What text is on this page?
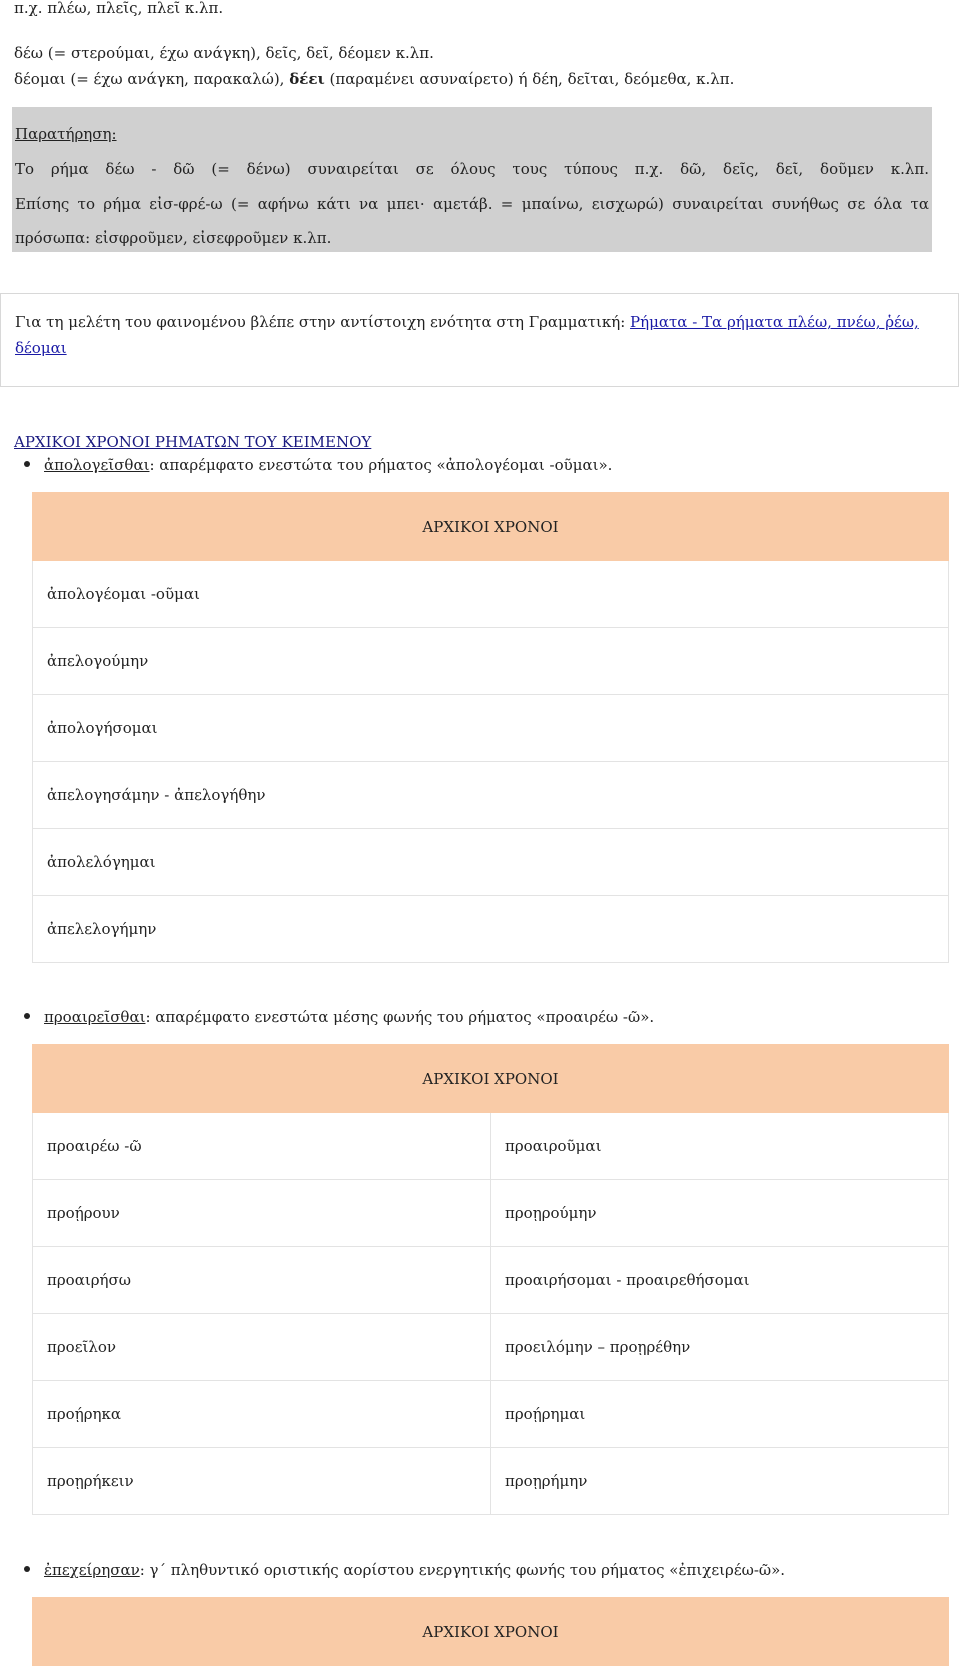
π.χ. πλέω, πλεῖς, πλεῖ κ.λπ.

δέω (= στερούμαι, έχω ανάγκη), δεῖς, δεῖ, δέομεν κ.λπ.

δέομαι (= έχω ανάγκη, παρακαλώ), δέει (παραμένει ασυναίρετο) ή δέη, δεῖται, δεόμεθα, κ.λπ.

Παρατήρηση:
Το ρήμα δέω - δῶ (= δένω) συναιρείται σε όλους τους τύπους π.χ. δῶ, δεῖς, δεῖ, δοῦμεν κ.λπ.
Επίσης το ρήμα εἰσ-φρέ-ω (= αφήνω κάτι να μπει· αμετάβ. = μπαίνω, εισχωρώ) συναιρείται συνήθως σε όλα τα
πρόσωπα: εἰσφροῦμεν, εἰσεφροῦμεν κ.λπ.
Για τη μελέτη του φαινομένου βλέπε στην αντίστοιχη ενότητα στη Γραμματική: Ρήματα - Τα ρήματα πλέω, πνέω, ῥέω, δέομαι
ΑΡΧΙΚΟΙ ΧΡΟΝΟΙ ΡΗΜΑΤΩΝ ΤΟΥ ΚΕΙΜΕΝΟΥ
ἀπολογεῖσθαι: απαρέμφατο ενεστώτα του ρήματος «ἀπολογέομαι -οῦμαι».
ΑΡΧΙΚΟΙ ΧΡΟΝΟΙ
ἀπολογέομαι -οῦμαι
ἀπελογούμην
ἀπολογήσομαι
ἀπελογησάμην - ἀπελογήθην
ἀπολελόγημαι
ἀπελελογήμην
προαιρεῖσθαι: απαρέμφατο ενεστώτα μέσης φωνής του ρήματος «προαιρέω -ῶ».
ΑΡΧΙΚΟΙ ΧΡΟΝΟΙ	
προαιρέω -ῶ	προαιροῦμαι
προῄρουν	προῃρούμην
προαιρήσω	προαιρήσομαι - προαιρεθήσομαι
προεῖλον	προειλόμην – προῃρέθην
προῄρηκα	προῄρημαι
προῃρήκειν	προῃρήμην
ἐπεχείρησαν: γ΄ πληθυντικό οριστικής αορίστου ενεργητικής φωνής του ρήματος «ἐπιχειρέω-ῶ».
ΑΡΧΙΚΟΙ ΧΡΟΝΟΙ
